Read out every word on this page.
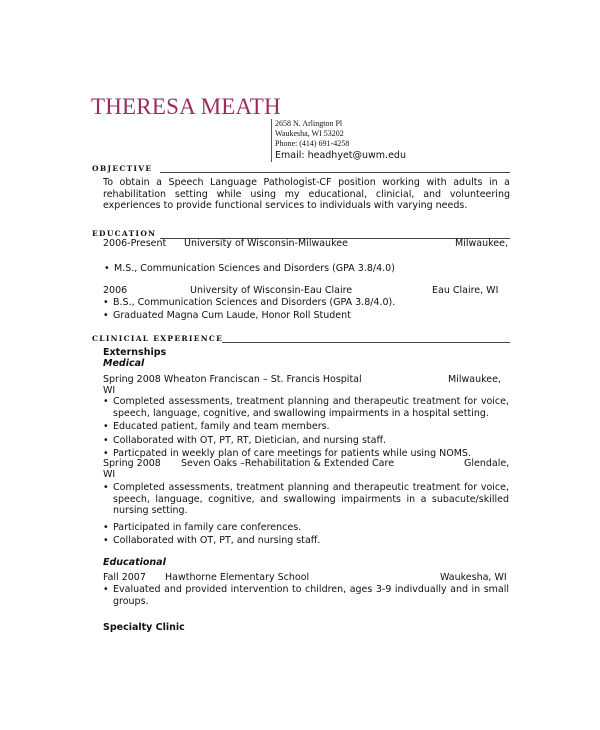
THERESA MEATH
2658 N. Arlington Pl
Waukesha, WI 53202
Phone: (414) 691-4258
Email: headhyet@uwm.edu
OBJECTIVE
To obtain a Speech Language Pathologist-CF position working with adults in a rehabilitation setting while using my educational, clinicial, and volunteering experiences to provide functional services to individuals with varying needs.
EDUCATION
2006-Present University of Wisconsin-Milwaukee	Milwaukee,
• M.S., Communication Sciences and Disorders (GPA 3.8/4.0)
2006	University of Wisconsin-Eau Claire	Eau Claire, WI
• B.S., Communication Sciences and Disorders (GPA 3.8/4.0).
• Graduated Magna Cum Laude, Honor Roll Student
CLINICIAL EXPERIENCE
Externships
Medical
Spring 2008 Wheaton Franciscan – St. Francis Hospital	Milwaukee,
WI
• Completed assessments, treatment planning and therapeutic treatment for voice, speech, language, cognitive, and swallowing impairments in a hospital setting.
• Educated patient, family and team members.
• Collaborated with OT, PT, RT, Dietician, and nursing staff.
• Particpated in weekly plan of care meetings for patients while using NOMS.
Spring 2008 Seven Oaks –Rehabilitation & Extended Care	Glendale,
WI
• Completed assessments, treatment planning and therapeutic treatment for voice, speech, language, cognitive, and swallowing impairments in a subacute/skilled nursing setting.
• Participated in family care conferences.
• Collaborated with OT, PT, and nursing staff.
Educational
Fall 2007 Hawthorne Elementary School	Waukesha, WI
• Evaluated and provided intervention to children, ages 3-9 indivdually and in small groups.
Specialty Clinic
